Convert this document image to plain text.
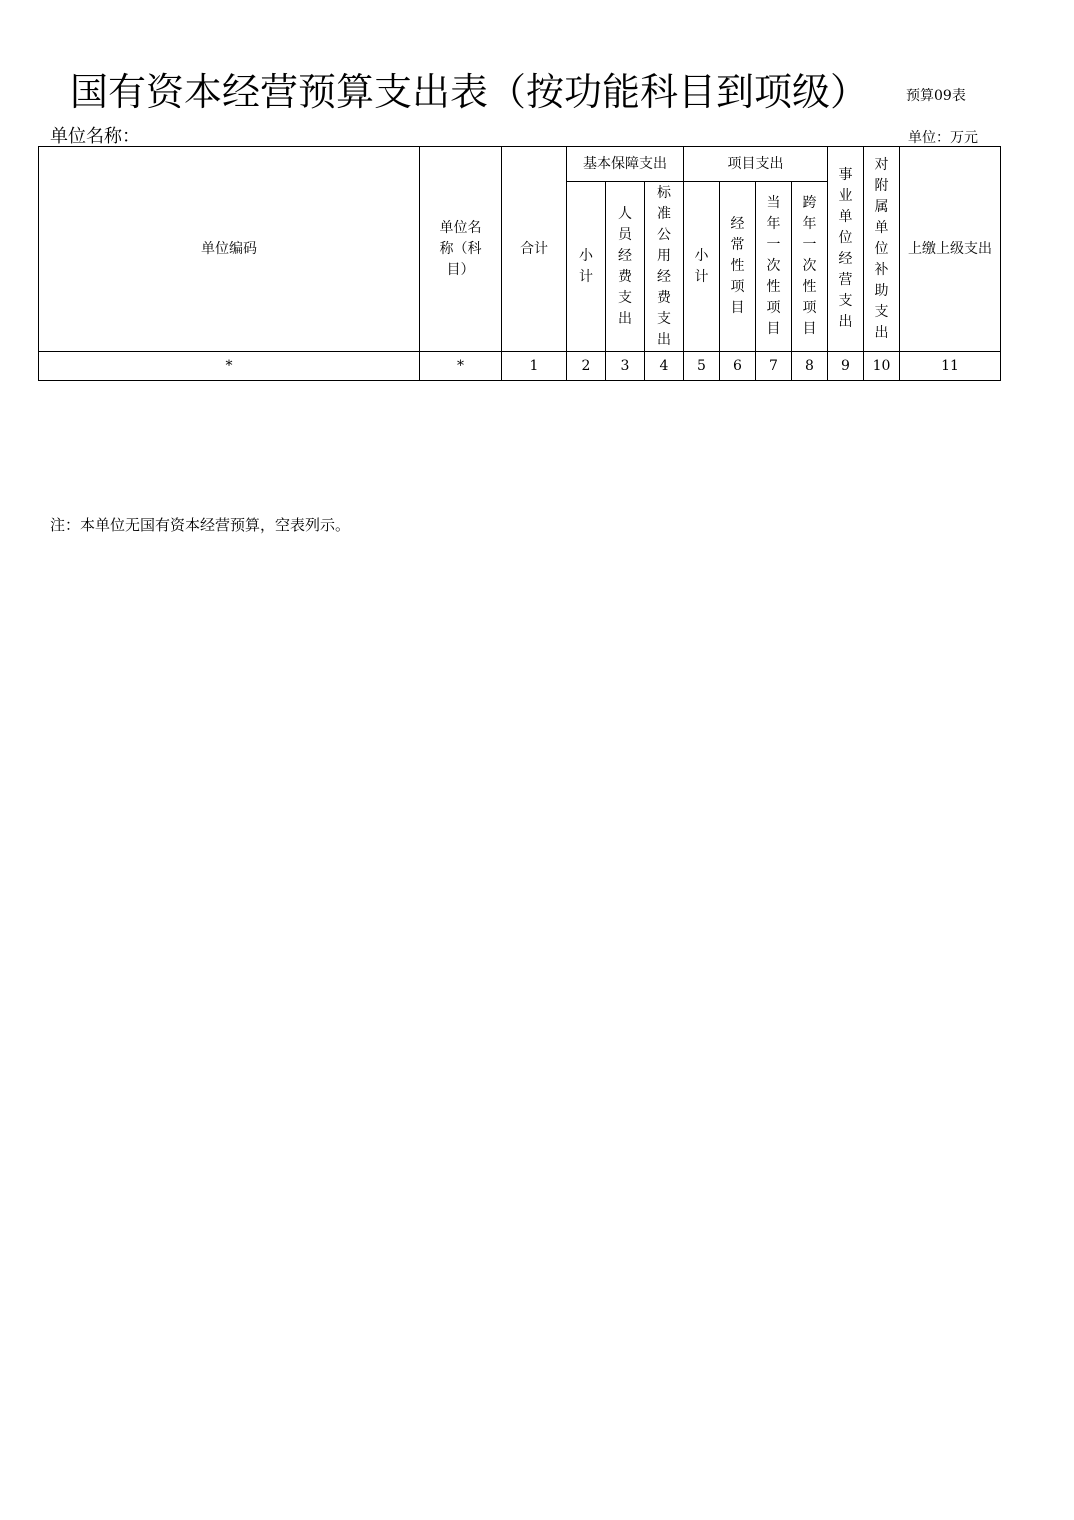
国有资本经营预算支出表（按功能科目到项级）	预算09表
单位名称：	单位：万元
单位编码	单位名称（科目）	合计	基本保障支出			项目支出				事业单位经营支出	对附属单位补助支出	上缴上级支出
			小计	人员经费支出	标准公用经费支出	小计	经常性项目	当年一次性项目	跨年一次性项目			
*	*	1	2	3	4	5	6	7	8	9	10	11
注：本单位无国有资本经营预算，空表列示。
